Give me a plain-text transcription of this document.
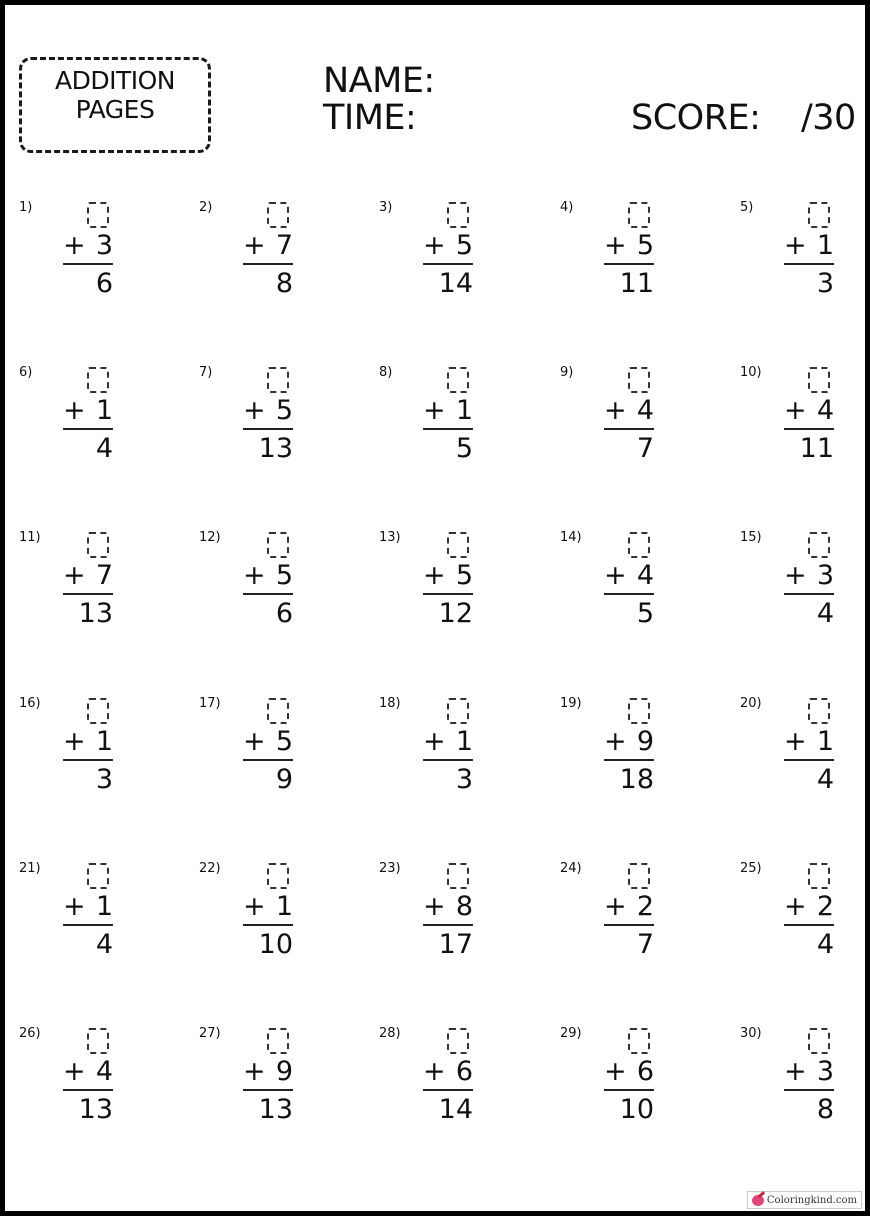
ADDITION
PAGES
NAME:
TIME:	SCORE: /30
1)
+ 3
6
2)
+ 7
8
3)
+ 5
14
4)
+ 5
11
5)
+ 1
3
6)
+ 1
4
7)
+ 5
13
8)
+ 1
5
9)
+ 4
7
10)
+ 4
11
11)
+ 7
13
12)
+ 5
6
13)
+ 5
12
14)
+ 4
5
15)
+ 3
4
16)
+ 1
3
17)
+ 5
9
18)
+ 1
3
19)
+ 9
18
20)
+ 1
4
21)
+ 1
4
22)
+ 1
10
23)
+ 8
17
24)
+ 2
7
25)
+ 2
4
26)
+ 4
13
27)
+ 9
13
28)
+ 6
14
29)
+ 6
10
30)
+ 3
8
Coloringkind.com
